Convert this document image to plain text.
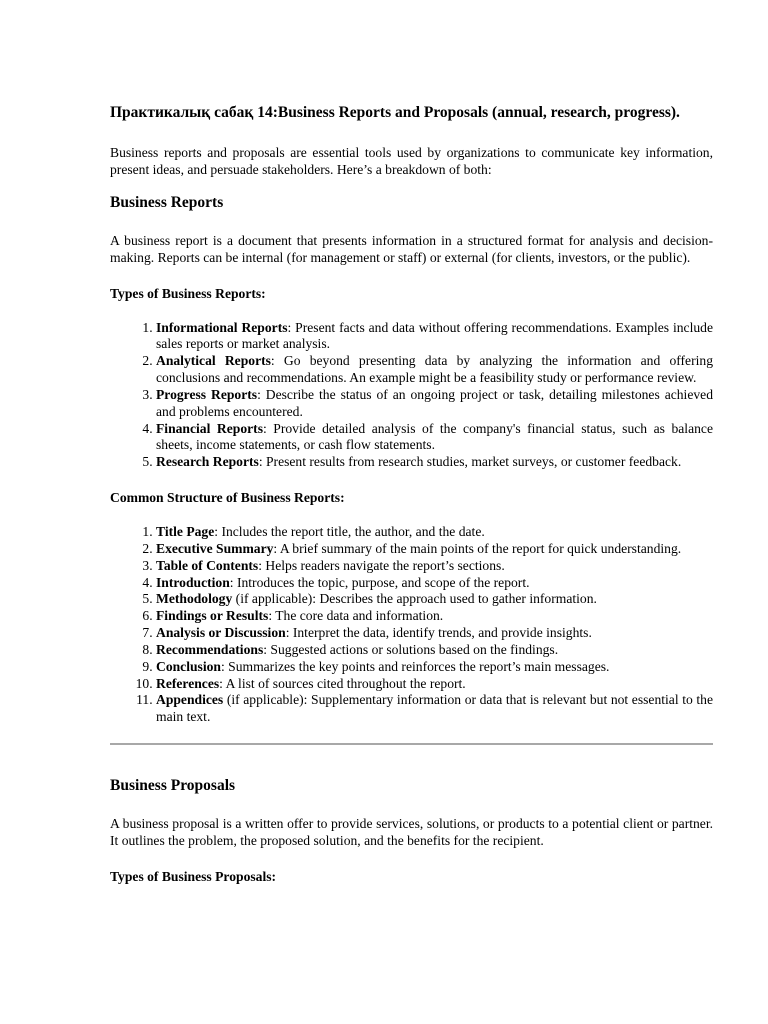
Практикалық сабақ 14:Business Reports and Proposals (annual, research, progress).

Business reports and proposals are essential tools used by organizations to communicate key information, present ideas, and persuade stakeholders. Here’s a breakdown of both:

Business Reports

A business report is a document that presents information in a structured format for analysis and decision-making. Reports can be internal (for management or staff) or external (for clients, investors, or the public).

Types of Business Reports:

1. Informational Reports: Present facts and data without offering recommendations. Examples include sales reports or market analysis.
2. Analytical Reports: Go beyond presenting data by analyzing the information and offering conclusions and recommendations. An example might be a feasibility study or performance review.
3. Progress Reports: Describe the status of an ongoing project or task, detailing milestones achieved and problems encountered.
4. Financial Reports: Provide detailed analysis of the company's financial status, such as balance sheets, income statements, or cash flow statements.
5. Research Reports: Present results from research studies, market surveys, or customer feedback.

Common Structure of Business Reports:

1. Title Page: Includes the report title, the author, and the date.
2. Executive Summary: A brief summary of the main points of the report for quick understanding.
3. Table of Contents: Helps readers navigate the report’s sections.
4. Introduction: Introduces the topic, purpose, and scope of the report.
5. Methodology (if applicable): Describes the approach used to gather information.
6. Findings or Results: The core data and information.
7. Analysis or Discussion: Interpret the data, identify trends, and provide insights.
8. Recommendations: Suggested actions or solutions based on the findings.
9. Conclusion: Summarizes the key points and reinforces the report’s main messages.
10. References: A list of sources cited throughout the report.
11. Appendices (if applicable): Supplementary information or data that is relevant but not essential to the main text.
Business Proposals

A business proposal is a written offer to provide services, solutions, or products to a potential client or partner. It outlines the problem, the proposed solution, and the benefits for the recipient.

Types of Business Proposals:
